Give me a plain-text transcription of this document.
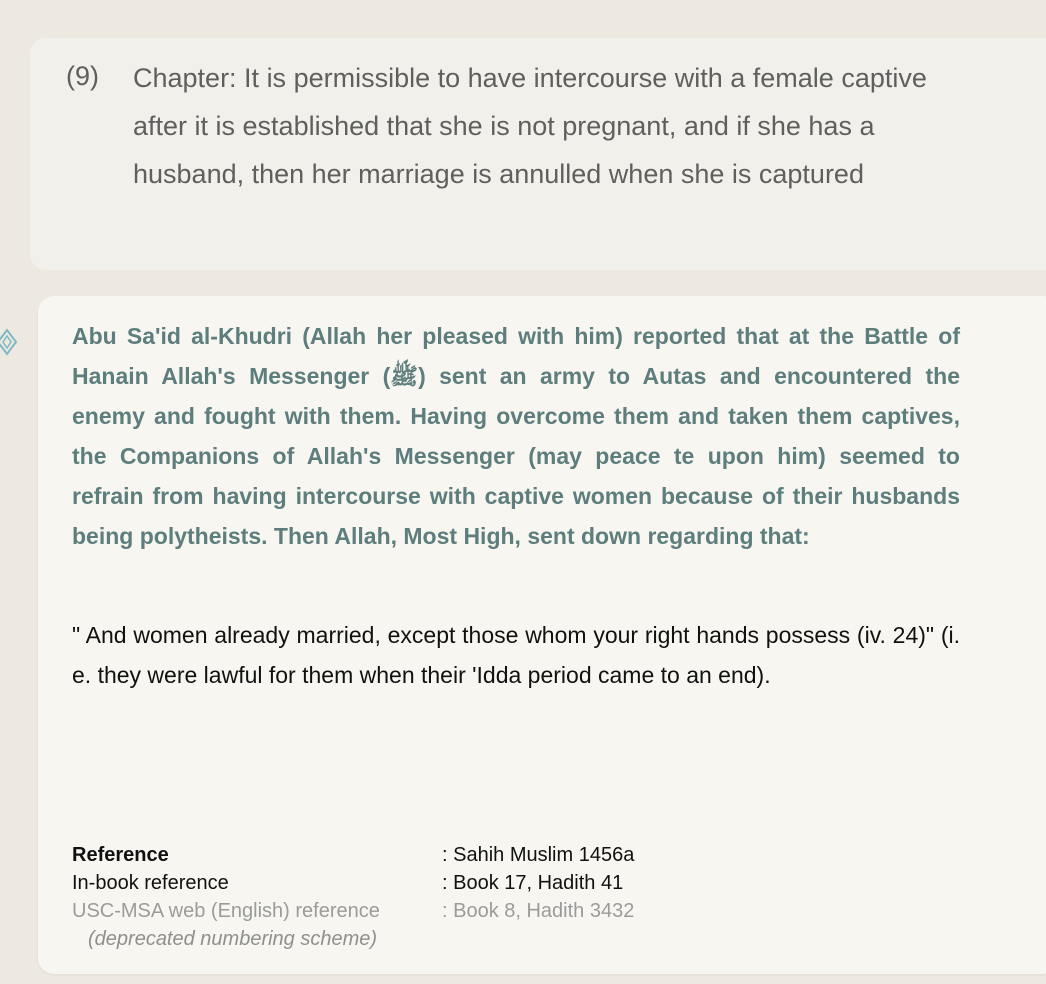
(9) Chapter: It is permissible to have intercourse with a female captive after it is established that she is not pregnant, and if she has a husband, then her marriage is annulled when she is captured
Abu Sa'id al-Khudri (Allah her pleased with him) reported that at the Battle of Hanain Allah's Messenger (ﷺ) sent an army to Autas and encountered the enemy and fought with them. Having overcome them and taken them captives, the Companions of Allah's Messenger (may peace te upon him) seemed to refrain from having intercourse with captive women because of their husbands being polytheists. Then Allah, Most High, sent down regarding that:
" And women already married, except those whom your right hands possess (iv. 24)" (i. e. they were lawful for them when their 'Idda period came to an end).
Reference	: Sahih Muslim 1456a
In-book reference	: Book 17, Hadith 41
USC-MSA web (English) reference	: Book 8, Hadith 3432
(deprecated numbering scheme)
